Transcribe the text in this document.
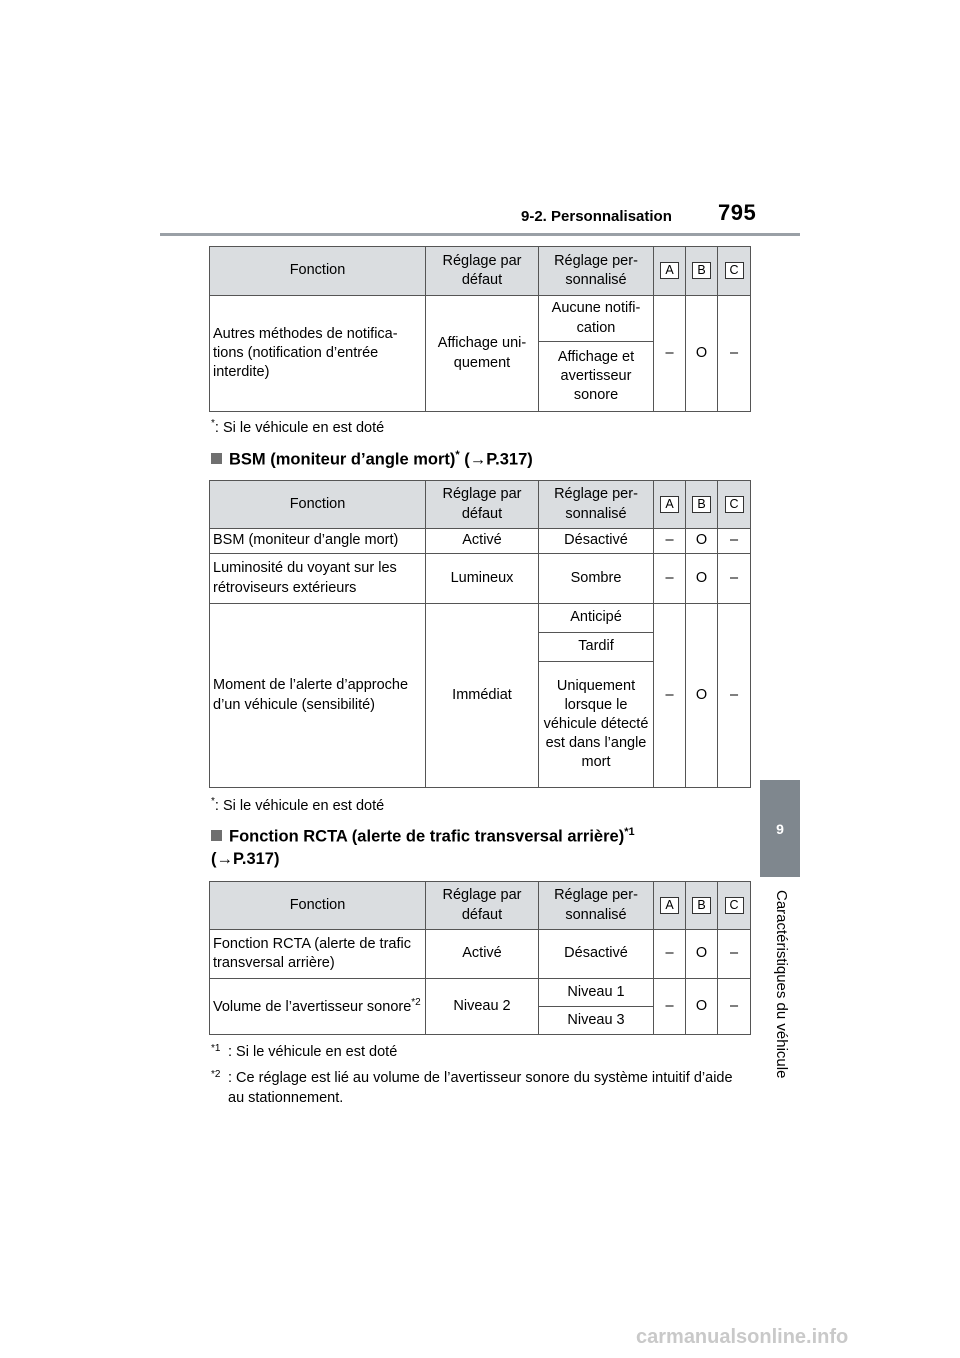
9-2. Personnalisation 795
9
Caractéristiques du véhicule
Fonction	Réglage par défaut	Réglage per-sonnalisé	A	B	C
Autres méthodes de notifica-tions (notification d’entrée interdite)	Affichage uni-quement	Aucune notifi-cation	–	O	–
		Affichage et avertisseur sonore			
*: Si le véhicule en est doté
BSM (moniteur d’angle mort)* (→P.317)
Fonction	Réglage par défaut	Réglage per-sonnalisé	A	B	C
BSM (moniteur d’angle mort)	Activé	Désactivé	–	O	–
Luminosité du voyant sur les rétroviseurs extérieurs	Lumineux	Sombre	–	O	–
Moment de l’alerte d’approche d’un véhicule (sensibilité)	Immédiat	Anticipé	–	O	–
		Tardif			
		Uniquement lorsque le véhicule détecté est dans l’angle mort			
*: Si le véhicule en est doté
Fonction RCTA (alerte de trafic transversal arrière)$^{*1}$
(→P.317)
Fonction	Réglage par défaut	Réglage per-sonnalisé	A	B	C
Fonction RCTA (alerte de trafic transversal arrière)	Activé	Désactivé	–	O	–
Volume de l’avertisseur sonore$^{*2}$	Niveau 2	Niveau 1	–	O	–
		Niveau 3			
*1 : Si le véhicule en est doté
*2 : Ce réglage est lié au volume de l’avertisseur sonore du système intuitif d’aide au stationnement.
carmanualsonline.info
